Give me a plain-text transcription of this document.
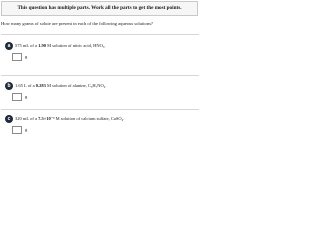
This question has multiple parts. Work all the parts to get the most points.
How many grams of solute are present in each of the following aqueous solutions?
a	575 mL of a 1.90 M solution of nitric acid, HNO₃.
g
b 1.65 L of a 0.283 M solution of alanine, C₃H₇NO₂.
g
c	320 mL of a 7.5×10⁻³ M solution of calcium sulfate, CaSO₄.
g
